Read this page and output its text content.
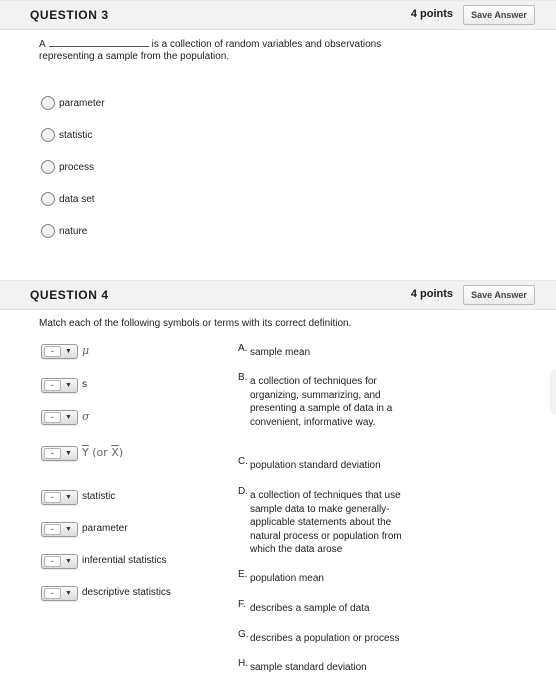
QUESTION 3	4 points	Save Answer
A	is a collection of random variables and observations
representing a sample from the population.
parameter
statistic
process
data set
nature
QUESTION 4	4 points	Save Answer
Match each of the following symbols or terms with its correct definition.
-	▼ μ
-	▼	s
-	▼ σ
-	▼ $\overline{Y}$ (or $\overline{X}$)
-	▼	statistic
-	▼	parameter
-	▼	inferential statistics
-	▼	descriptive statistics
A. sample mean
B. a collection of techniques for organizing, summarizing, and presenting a sample of data in a convenient, informative way.
C. population standard deviation
D. a collection of techniques that use sample data to make generally-applicable statements about the natural process or population from which the data arose
E. population mean
F. describes a sample of data
G. describes a population or process
H. sample standard deviation
